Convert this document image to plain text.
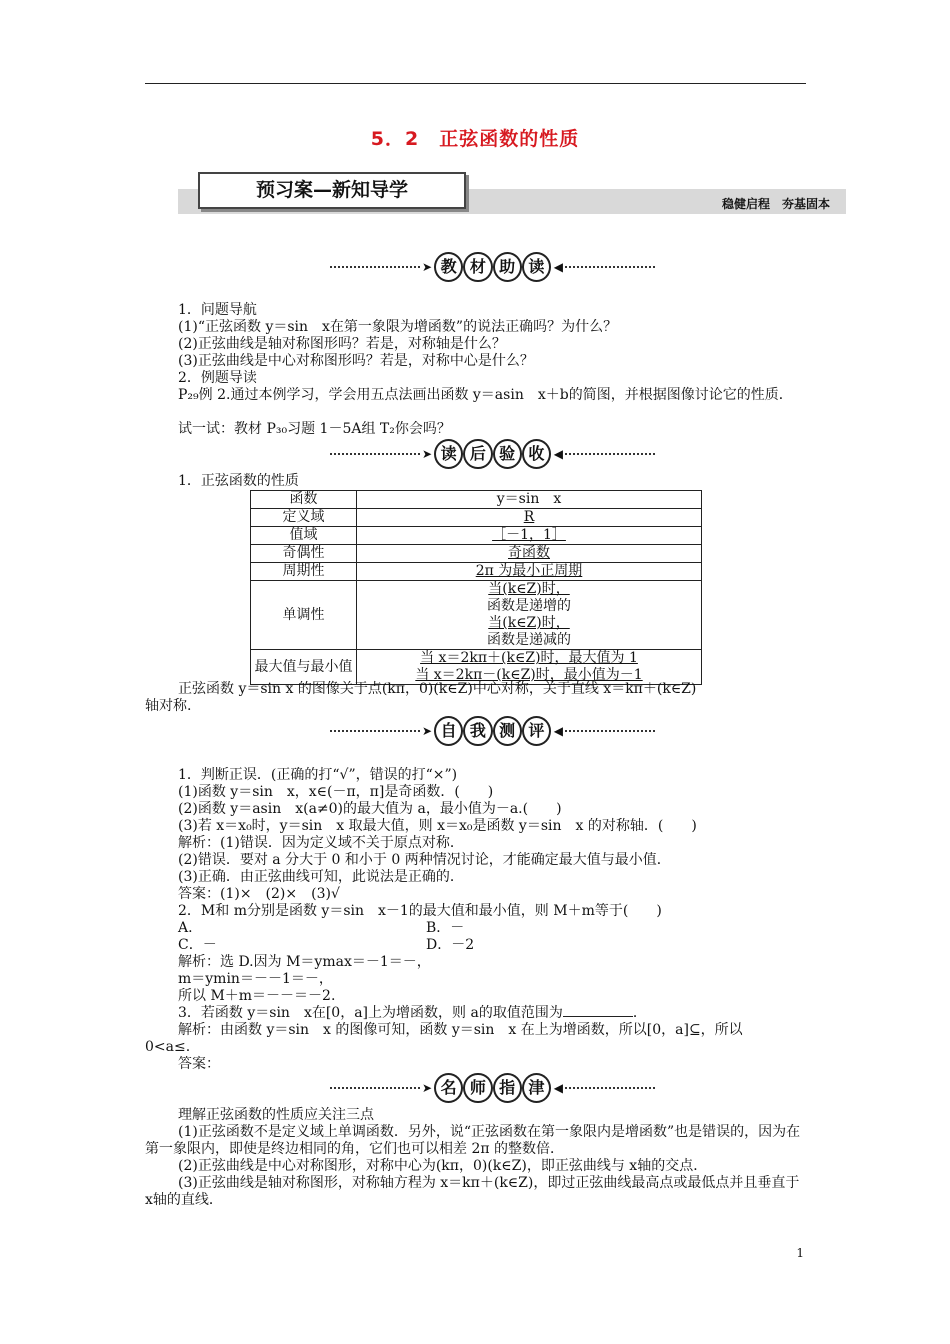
5．2　正弦函数的性质
预习案—新知导学
稳健启程　夯基固本
➤ 教 材 助 读 ◀
1．问题导航
(1)“正弦函数 y＝sin　x在第一象限为增函数”的说法正确吗？为什么？
(2)正弦曲线是轴对称图形吗？若是，对称轴是什么？
(3)正弦曲线是中心对称图形吗？若是，对称中心是什么？
2．例题导读
P₂₉例 2.通过本例学习，学会用五点法画出函数 y＝asin　x＋b的简图，并根据图像讨论它的性质．
试一试：教材 P₃₀习题 1－5A组 T₂你会吗？
➤ 读 后 验 收 ◀
1．正弦函数的性质
函数	y＝sin　x
定义域	R
值域	［－1，1］
奇偶性	奇函数
周期性	2π 为最小正周期
单调性	当(k∈Z)时，
函数是递增的
当(k∈Z)时，
函数是递减的

最大值与最小值	当 x＝2kπ＋(k∈Z)时，最大值为 1
当 x＝2kπ－(k∈Z)时，最小值为－1
正弦函数 y＝sin x 的图像关于点(kπ，0)(k∈Z)中心对称，关于直线 x＝kπ＋(k∈Z)
轴对称.
➤ 自 我 测 评 ◀
1．判断正误．(正确的打“√”，错误的打“×”)
(1)函数 y＝sin　x，x∈(－π，π]是奇函数．(　　)
(2)函数 y＝asin　x(a≠0)的最大值为 a，最小值为－a.(　　)
(3)若 x＝x₀时，y＝sin　x 取最大值，则 x＝x₀是函数 y＝sin　x 的对称轴．(　　)
解析：(1)错误．因为定义域不关于原点对称．
(2)错误．要对 a 分大于 0 和小于 0 两种情况讨论，才能确定最大值与最小值．
(3)正确．由正弦曲线可知，此说法是正确的．
答案：(1)×　(2)×　(3)√
2．M和 m分别是函数 y＝sin　x－1的最大值和最小值，则 M＋m等于(　　)
A.　	B．－
C．－	D．－2
解析：选 D.因为 M＝ymax＝－1＝－，
m＝ymin＝－－1＝－，
所以 M＋m＝－－＝－2.
3．若函数 y＝sin　x在[0，a]上为增函数，则 a的取值范围为	．
解析：由函数 y＝sin　x 的图像可知，函数 y＝sin　x 在上为增函数，所以[0，a]⊆，所以
0<a≤.
答案：
➤ 名 师 指 津 ◀
理解正弦函数的性质应关注三点
(1)正弦函数不是定义域上单调函数．另外，说“正弦函数在第一象限内是增函数”也是错误的，因为在第一象限内，即使是终边相同的角，它们也可以相差 2π 的整数倍．
(2)正弦曲线是中心对称图形，对称中心为(kπ，0)(k∈Z)，即正弦曲线与 x轴的交点．
(3)正弦曲线是轴对称图形，对称轴方程为 x＝kπ＋(k∈Z)，即过正弦曲线最高点或最低点并且垂直于 x轴的直线．
1
